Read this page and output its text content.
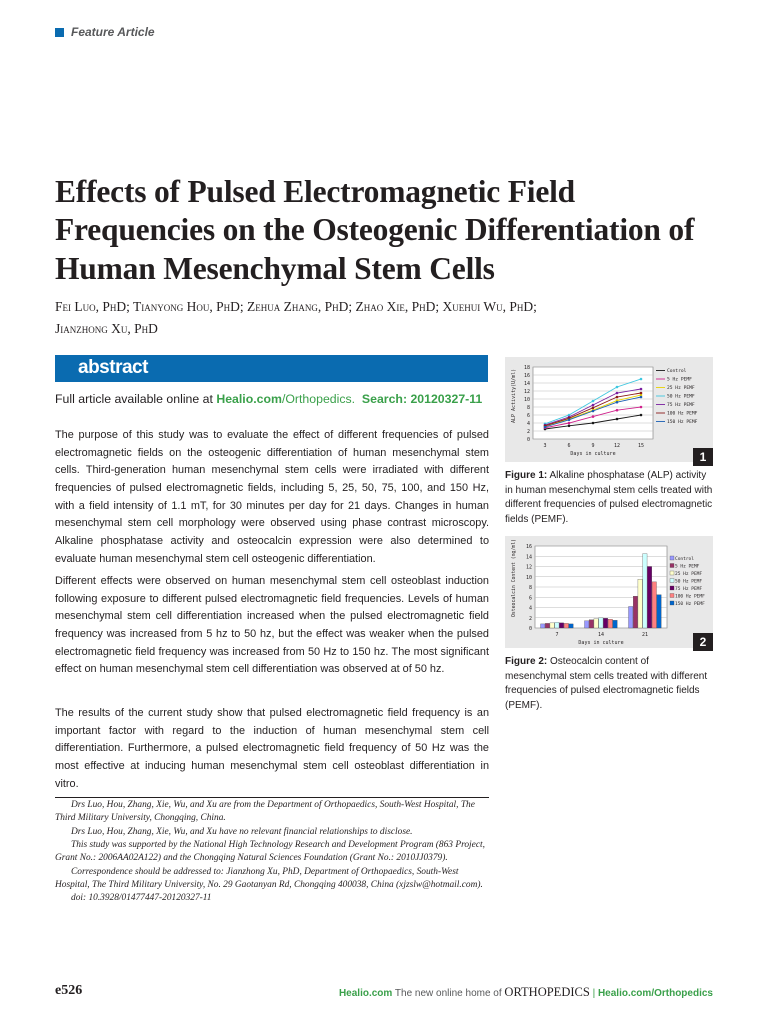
Feature Article
Effects of Pulsed Electromagnetic Field Frequencies on the Osteogenic Differentiation of Human Mesenchymal Stem Cells
Fei Luo, PhD; Tianyong Hou, PhD; Zehua Zhang, PhD; Zhao Xie, PhD; Xuehui Wu, PhD;
Jianzhong Xu, PhD
abstract
Full article available online at Healio.com/Orthopedics. Search: 20120327-11
The purpose of this study was to evaluate the effect of different frequencies of pulsed electromagnetic fields on the osteogenic differentiation of human mesenchymal stem cells. Third-generation human mesenchymal stem cells were irradiated with different frequencies of pulsed electromagnetic fields, including 5, 25, 50, 75, 100, and 150 Hz, with a field intensity of 1.1 mT, for 30 minutes per day for 21 days. Changes in human mesenchymal stem cell morphology were observed using phase contrast microscopy. Alkaline phosphatase activity and osteocalcin expression were also determined to evaluate human mesenchymal stem cell osteogenic differentiation.
Different effects were observed on human mesenchymal stem cell osteoblast induction following exposure to different pulsed electromagnetic field frequencies. Levels of human mesenchymal stem cell differentiation increased when the pulsed electromagnetic field frequency was increased from 5 hz to 50 hz, but the effect was weaker when the pulsed electromagnetic field frequency was increased from 50 Hz to 150 hz. The most significant effect on human mesenchymal stem cell differentiation was observed at of 50 hz.
The results of the current study show that pulsed electromagnetic field frequency is an important factor with regard to the induction of human mesenchymal stem cell differentiation. Furthermore, a pulsed electromagnetic field frequency of 50 Hz was the most effective at inducing human mesenchymal stem cell osteoblast differentiation in vitro.

Drs Luo, Hou, Zhang, Xie, Wu, and Xu are from the Department of Orthopaedics, South-West Hospital, The Third Military University, Chongqing, China.

Drs Luo, Hou, Zhang, Xie, Wu, and Xu have no relevant financial relationships to disclose.

This study was supported by the National High Technology Research and Development Program (863 Project, Grant No.: 2006AA02A122) and the Chongqing Natural Sciences Foundation (Grant No.: 2010JJ0379).

Correspondence should be addressed to: Jianzhong Xu, PhD, Department of Orthopaedics, South-West Hospital, The Third Military University, No. 29 Gaotanyan Rd, Chongqing 400038, China (xjzslw@hotmail.com).

doi: 10.3928/01477447-20120327-11

0
2
4
6
8
10
12
14
16
18
3	6	9	12	15
Days in culture
ALP Activity(U/ml)	Control
5 Hz PEMF
25 Hz PEMF
50 Hz PEMF
75 Hz PEMF
100 Hz PEMF
150 Hz PEMF
1
Figure 1: Alkaline phosphatase (ALP) activity in human mesenchymal stem cells treated with different frequencies of pulsed electromagnetic fields (PEMF).
0
2
4
6
8
10
12
14
16
7	14	21
Days in culture
Osteocalcin Content (ng/ml)	Control
5 Hz PEMF
25 Hz PEMF
50 Hz PEMF
75 Hz PEMF
100 Hz PEMF
150 Hz PEMF
2
Figure 2: Osteocalcin content of mesenchymal stem cells treated with different frequencies of pulsed electromagnetic fields (PEMF).
e526	Healio.com The new online home of ORTHOPEDICS | Healio.com/Orthopedics
